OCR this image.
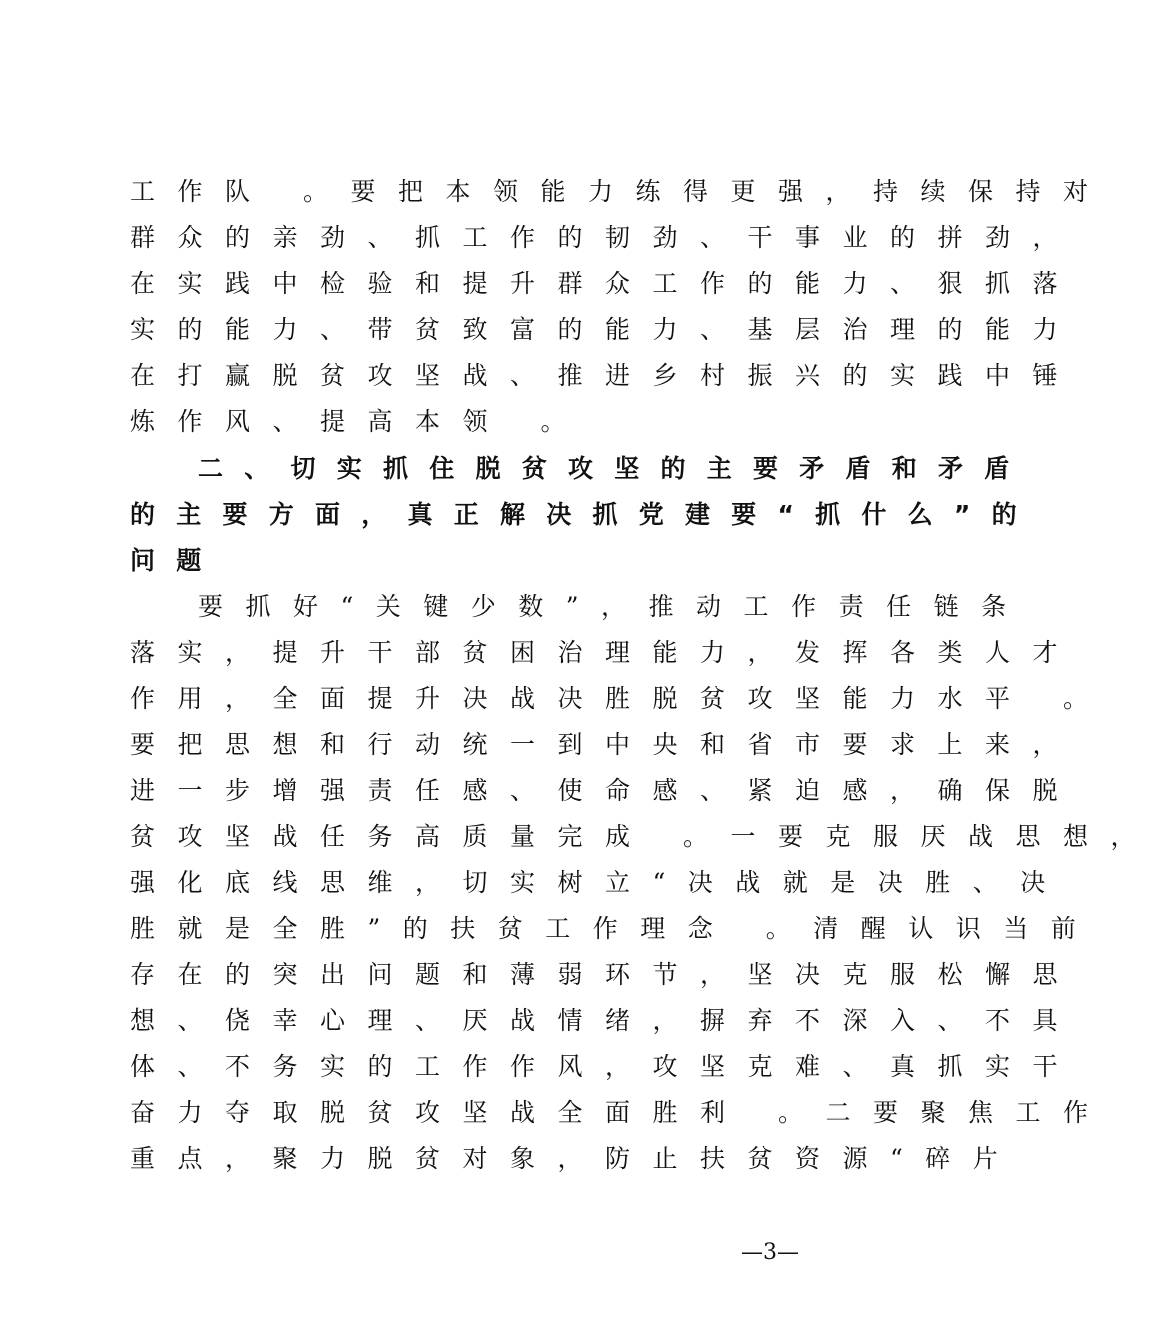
工作队 。要把本领能力练得更强，持续保持对
群众的亲劲、抓工作的韧劲、干事业的拼劲，
在实践中检验和提升群众工作的能力、狠抓落
实的能力、带贫致富的能力、基层治理的能力
在打赢脱贫攻坚战、推进乡村振兴的实践中锤
炼作风、提高本领 。
二、切实抓住脱贫攻坚的主要矛盾和矛盾
的主要方面，真正解决抓党建要“抓什么”的
问题
要抓好“关键少数”，推动工作责任链条
落实，提升干部贫困治理能力，发挥各类人才
作用，全面提升决战决胜脱贫攻坚能力水平 。
要把思想和行动统一到中央和省市要求上来，
进一步增强责任感、使命感、紧迫感，确保脱
贫攻坚战任务高质量完成 。一要克服厌战思想，
强化底线思维，切实树立“决战就是决胜、决
胜就是全胜”的扶贫工作理念 。清醒认识当前
存在的突出问题和薄弱环节，坚决克服松懈思
想、侥幸心理、厌战情绪，摒弃不深入、不具
体、不务实的工作作风，攻坚克难、真抓实干
奋力夺取脱贫攻坚战全面胜利 。二要聚焦工作
重点，聚力脱贫对象，防止扶贫资源“碎片
—3—
